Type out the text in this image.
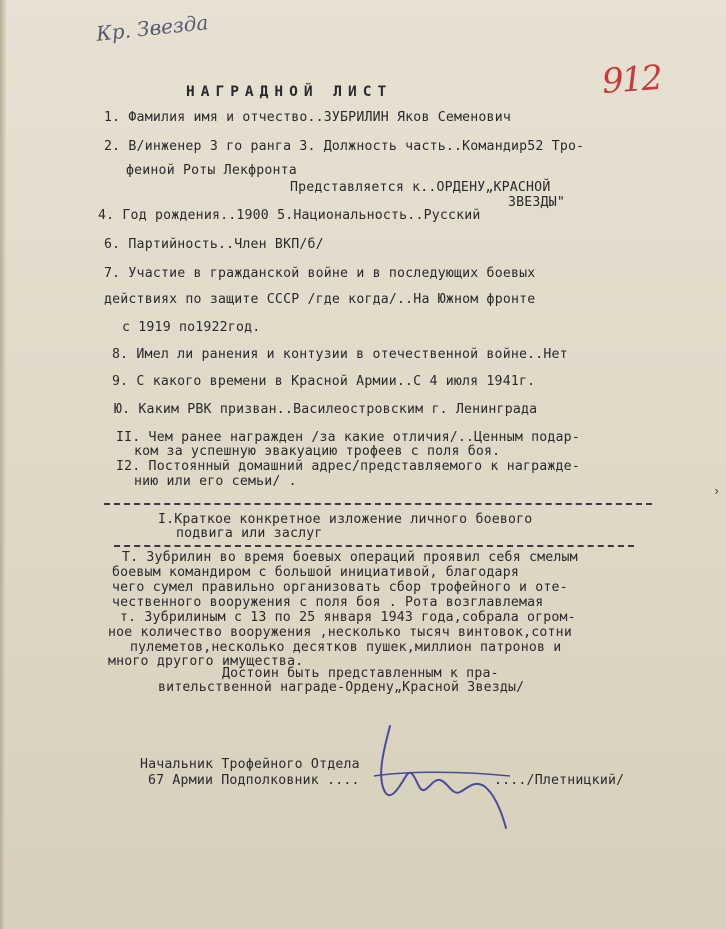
Кр. Звезда
912
НАГРАДНОЙ ЛИСТ
1. Фамилия имя и отчество..ЗУБРИЛИН Яков Семенович
2. В/инженер 3 го ранга 3. Должность часть..Командир52 Тро-
феиной Роты Лекфронта
Представляется к..ОРДЕНУ„КРАСНОЙ
ЗВЕЗДЫ"
4. Год рождения..1900 5.Национальность..Русский
6. Партийность..Член ВКП/б/
7. Участие в гражданской войне и в последующих боевых
действиях по защите СССР /где когда/..На Южном фронте
с 1919 по1922год.
8. Имел ли ранения и контузии в отечественной войне..Нет
9. С какого времени в Красной Армии..С 4 июля 1941г.
Ю. Каким РВК призван..Василеостровским г. Ленинграда
II. Чем ранее награжден /за какие отличия/..Ценным подар-
ком за успешную эвакуацию трофеев с поля боя.
I2. Постоянный домашний адрес/представляемого к награжде-
нию или его семьи/ .
I.Краткое конкретное изложение личного боевого
подвига или заслуг
Т. Зубрилин во время боевых операций проявил себя смелым
боевым командиром с большой инициативой, благодаря
чего сумел правильно организовать сбор трофейного и оте-
чественного вооружения с поля боя . Рота возглавлемая
т. Зубрилиным с 13 по 25 января 1943 года,собрала огром-
ное количество вооружения ,несколько тысяч винтовок,сотни
пулеметов,несколько десятков пушек,миллион патронов и
много другого имущества.
Достоин быть представленным к пра-
вительственной награде-Ордену„Красной Звезды/
Начальник Трофейного Отдела
67 Армии Подполковник ....	..../Плетницкий/
›
